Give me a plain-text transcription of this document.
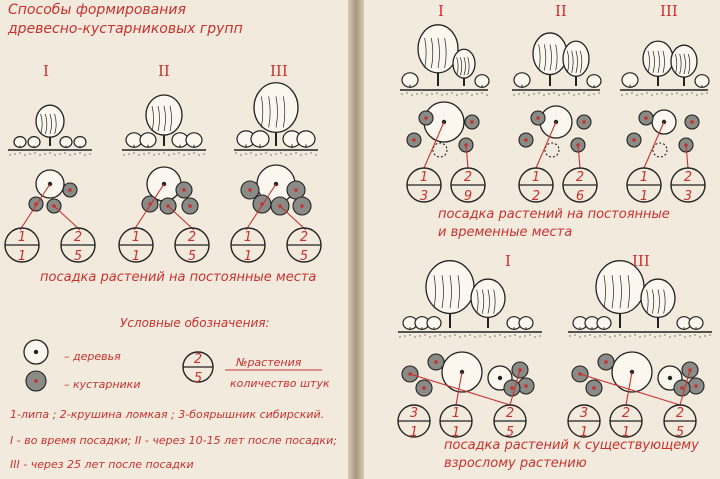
1
1
2
5
1
1
2
5
1
1
2
5
2
5
1
3
2
9
1
2
2
6
1
1
2
3
3
1
1
1
2
5
3
1
2
1
2
5
Способы формирования
древесно-кустарниковых групп
I	II	III
посадка растений на постоянные места
Условные обозначения:
– деревья
– кустарники
№растения
количество штук
1-липа ; 2-крушина ломкая ; 3-боярышник сибирский.
I - во время посадки; II - через 10-15 лет после посадки;
III - через 25 лет после посадки
I	II	III
посадка растений на постоянные
и временные места
I	III
посадка растений к существующему
взрослому растению
